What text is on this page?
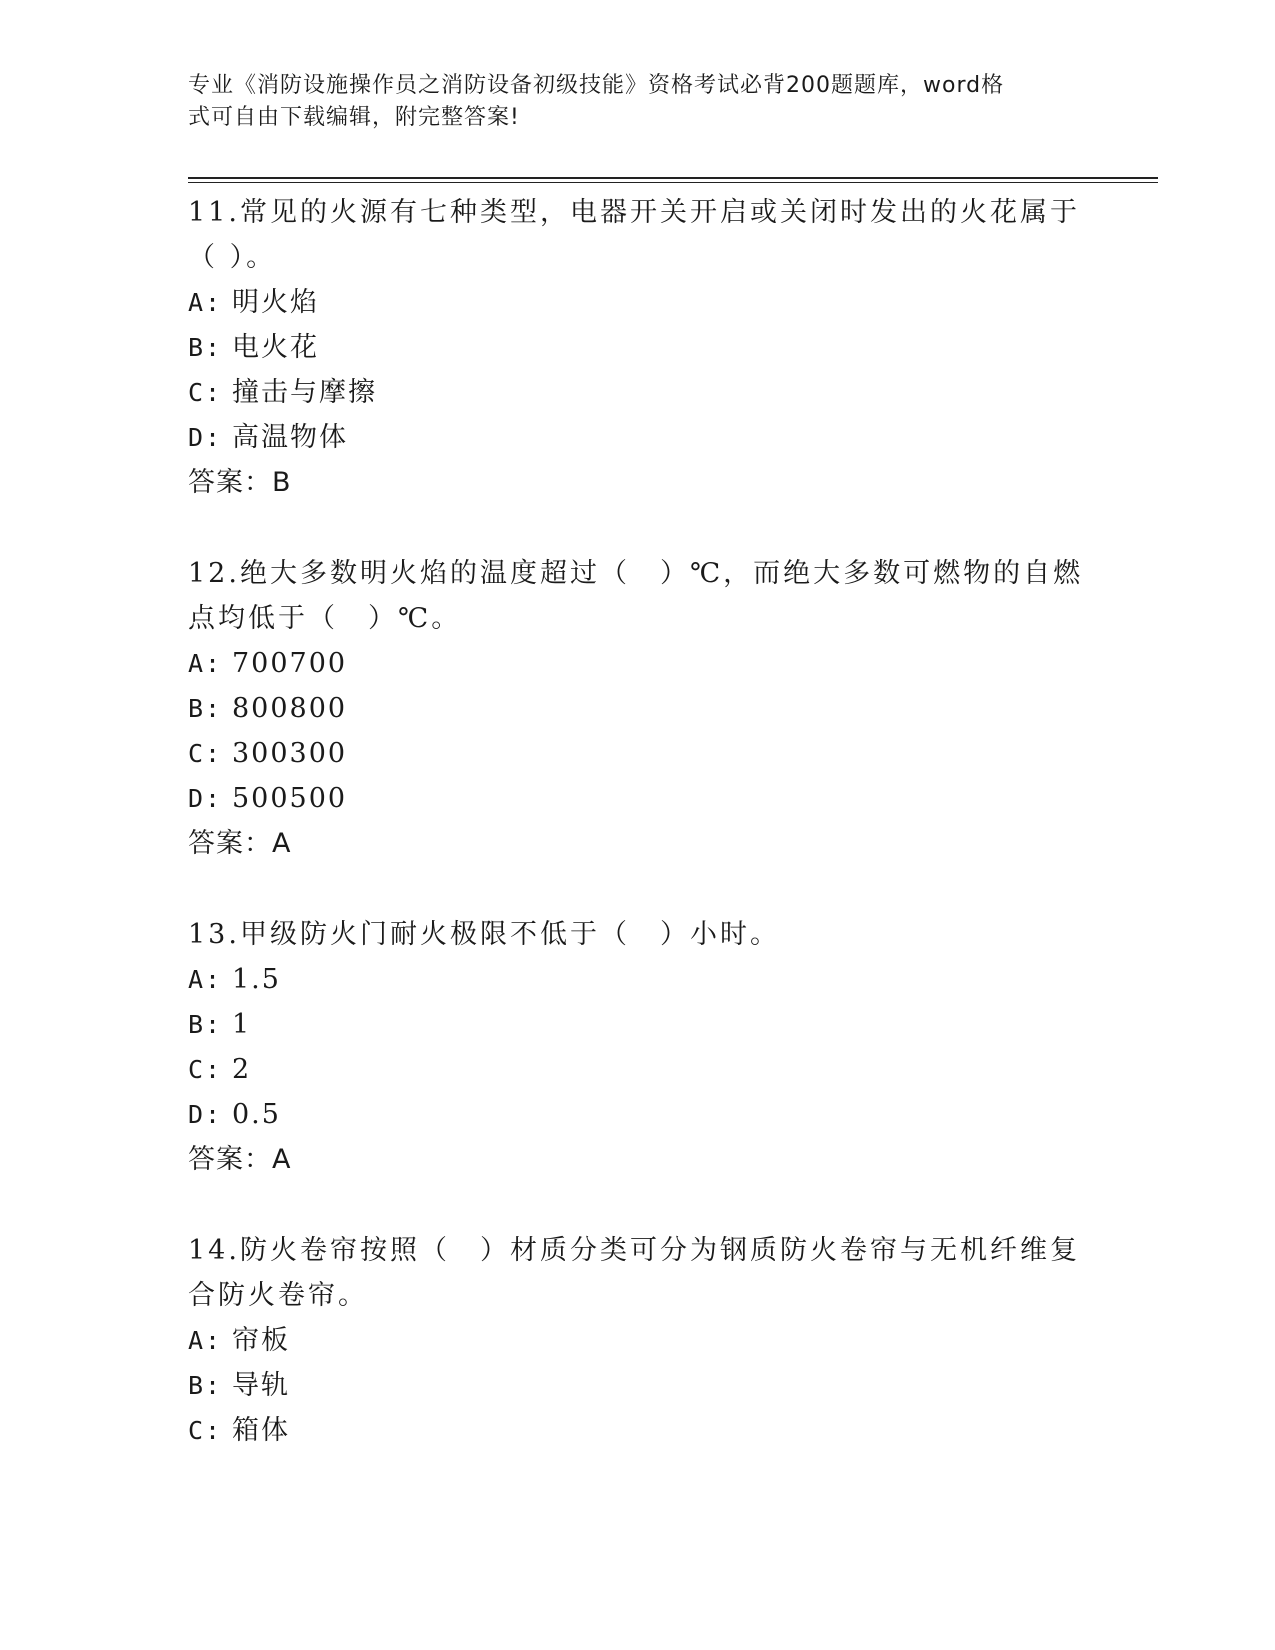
专业《消防设施操作员之消防设备初级技能》资格考试必背200题题库，word格
式可自由下载编辑，附完整答案!

11.常见的火源有七种类型，电器开关开启或关闭时发出的火花属于（ ）。

A: 明火焰

B: 电火花

C: 撞击与摩擦

D: 高温物体

答案：B

12.绝大多数明火焰的温度超过（　）℃，而绝大多数可燃物的自燃点均低于（　）℃。

A: 700700

B: 800800

C: 300300

D: 500500

答案：A

13.甲级防火门耐火极限不低于（　）小时。

A: 1.5

B: 1

C: 2

D: 0.5

答案：A

14.防火卷帘按照（　）材质分类可分为钢质防火卷帘与无机纤维复合防火卷帘。

A: 帘板

B: 导轨

C: 箱体
